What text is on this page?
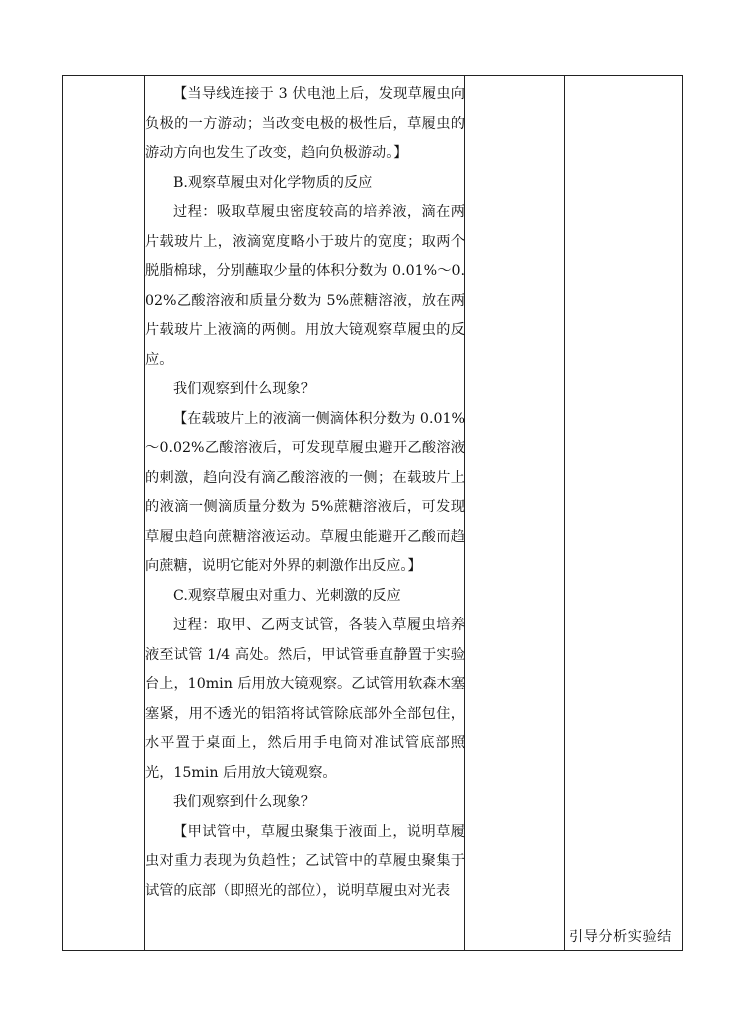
【当导线连接于 3 伏电池上后，发现草履虫向负极的一方游动；当改变电极的极性后，草履虫的游动方向也发生了改变，趋向负极游动。】
B.观察草履虫对化学物质的反应
过程：吸取草履虫密度较高的培养液，滴在两片载玻片上，液滴宽度略小于玻片的宽度；取两个脱脂棉球，分别蘸取少量的体积分数为 0.01%～0.02%乙酸溶液和质量分数为 5%蔗糖溶液，放在两片载玻片上液滴的两侧。用放大镜观察草履虫的反应。
我们观察到什么现象？
【在载玻片上的液滴一侧滴体积分数为 0.01%～0.02%乙酸溶液后，可发现草履虫避开乙酸溶液的刺激，趋向没有滴乙酸溶液的一侧；在载玻片上的液滴一侧滴质量分数为 5%蔗糖溶液后，可发现草履虫趋向蔗糖溶液运动。草履虫能避开乙酸而趋向蔗糖，说明它能对外界的刺激作出反应。】
C.观察草履虫对重力、光刺激的反应
过程：取甲、乙两支试管，各装入草履虫培养液至试管 1/4 高处。然后，甲试管垂直静置于实验台上，10min 后用放大镜观察。乙试管用软森木塞塞紧，用不透光的铝箔将试管除底部外全部包住，水平置于桌面上，然后用手电筒对准试管底部照光，15min 后用放大镜观察。
我们观察到什么现象？
【甲试管中，草履虫聚集于液面上，说明草履虫对重力表现为负趋性；乙试管中的草履虫聚集于试管的底部（即照光的部位），说明草履虫对光表
引导分析实验结
